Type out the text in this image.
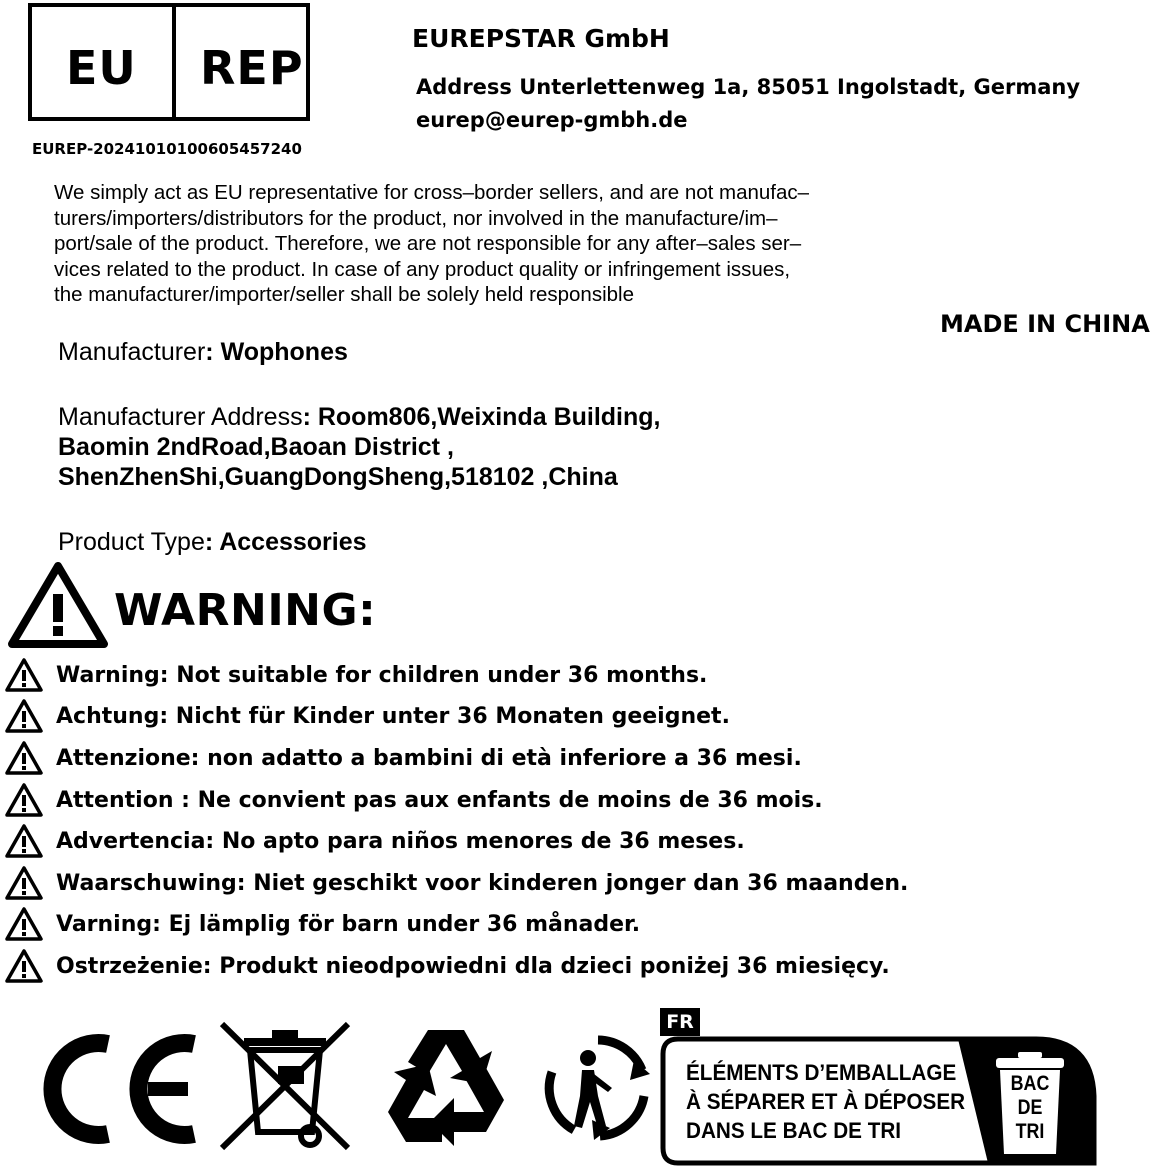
EU REP
EUREP-20241010100605457240
EUREPSTAR GmbH
Address Unterlettenweg 1a, 85051 Ingolstadt, Germany
eurep@eurep-gmbh.de
We simply act as EU representative for cross–border sellers, and are not manufac–
turers/importers/distributors for the product, nor involved in the manufacture/im–
port/sale of the product. Therefore, we are not responsible for any after–sales ser–
vices related to the product. In case of any product quality or infringement issues,
the manufacturer/importer/seller shall be solely held responsible
MADE IN CHINA
Manufacturer: Wophones
Manufacturer Address: Room806,Weixinda Building,
Baomin 2ndRoad,Baoan District ,
ShenZhenShi,GuangDongSheng,518102 ,China
Product Type: Accessories
WARNING:
Warning: Not suitable for children under 36 months.
Achtung: Nicht für Kinder unter 36 Monaten geeignet.
Attenzione: non adatto a bambini di età inferiore a 36 mesi.
Attention : Ne convient pas aux enfants de moins de 36 mois.
Advertencia: No apto para niños menores de 36 meses.
Waarschuwing: Niet geschikt voor kinderen jonger dan 36 maanden.
Varning: Ej lämplig för barn under 36 månader.
Ostrzeżenie: Produkt nieodpowiedni dla dzieci poniżej 36 miesięcy.
FR
ÉLÉMENTS D’EMBALLAGE
À SÉPARER ET À DÉPOSER
DANS LE BAC DE TRI
BAC
DE
TRI
